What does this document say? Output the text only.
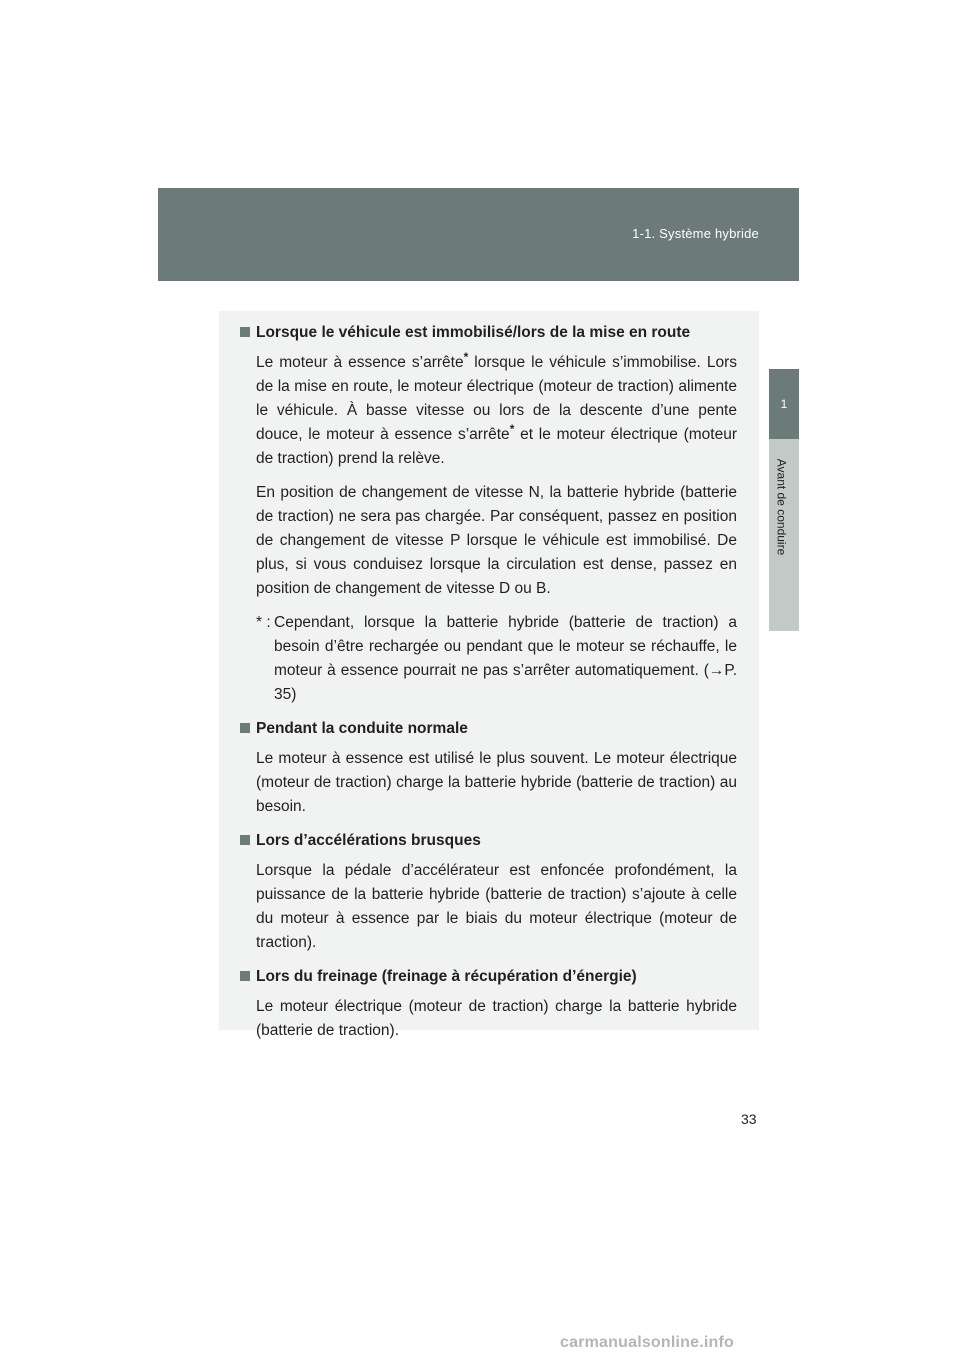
1-1. Système hybride
1
Avant de conduire
Lorsque le véhicule est immobilisé/lors de la mise en route

Le moteur à essence s’arrête* lorsque le véhicule s’immobilise. Lors de la mise en route, le moteur électrique (moteur de traction) alimente le véhicule. À basse vitesse ou lors de la descente d’une pente douce, le moteur à essence s’arrête* et le moteur électrique (moteur de traction) prend la relève.

En position de changement de vitesse N, la batterie hybride (batterie de traction) ne sera pas chargée. Par conséquent, passez en position de changement de vitesse P lorsque le véhicule est immobilisé. De plus, si vous conduisez lorsque la circulation est dense, passez en position de changement de vitesse D ou B.

* : Cependant, lorsque la batterie hybride (batterie de traction) a besoin d’être rechargée ou pendant que le moteur se réchauffe, le moteur à essence pourrait ne pas s’arrêter automatiquement. (→P. 35)
Pendant la conduite normale

Le moteur à essence est utilisé le plus souvent. Le moteur électrique (moteur de traction) charge la batterie hybride (batterie de traction) au besoin.

Lors d’accélérations brusques

Lorsque la pédale d’accélérateur est enfoncée profondément, la puissance de la batterie hybride (batterie de traction) s’ajoute à celle du moteur à essence par le biais du moteur électrique (moteur de traction).

Lors du freinage (freinage à récupération d’énergie)

Le moteur électrique (moteur de traction) charge la batterie hybride (batterie de traction).

33
carmanualsonline.info
